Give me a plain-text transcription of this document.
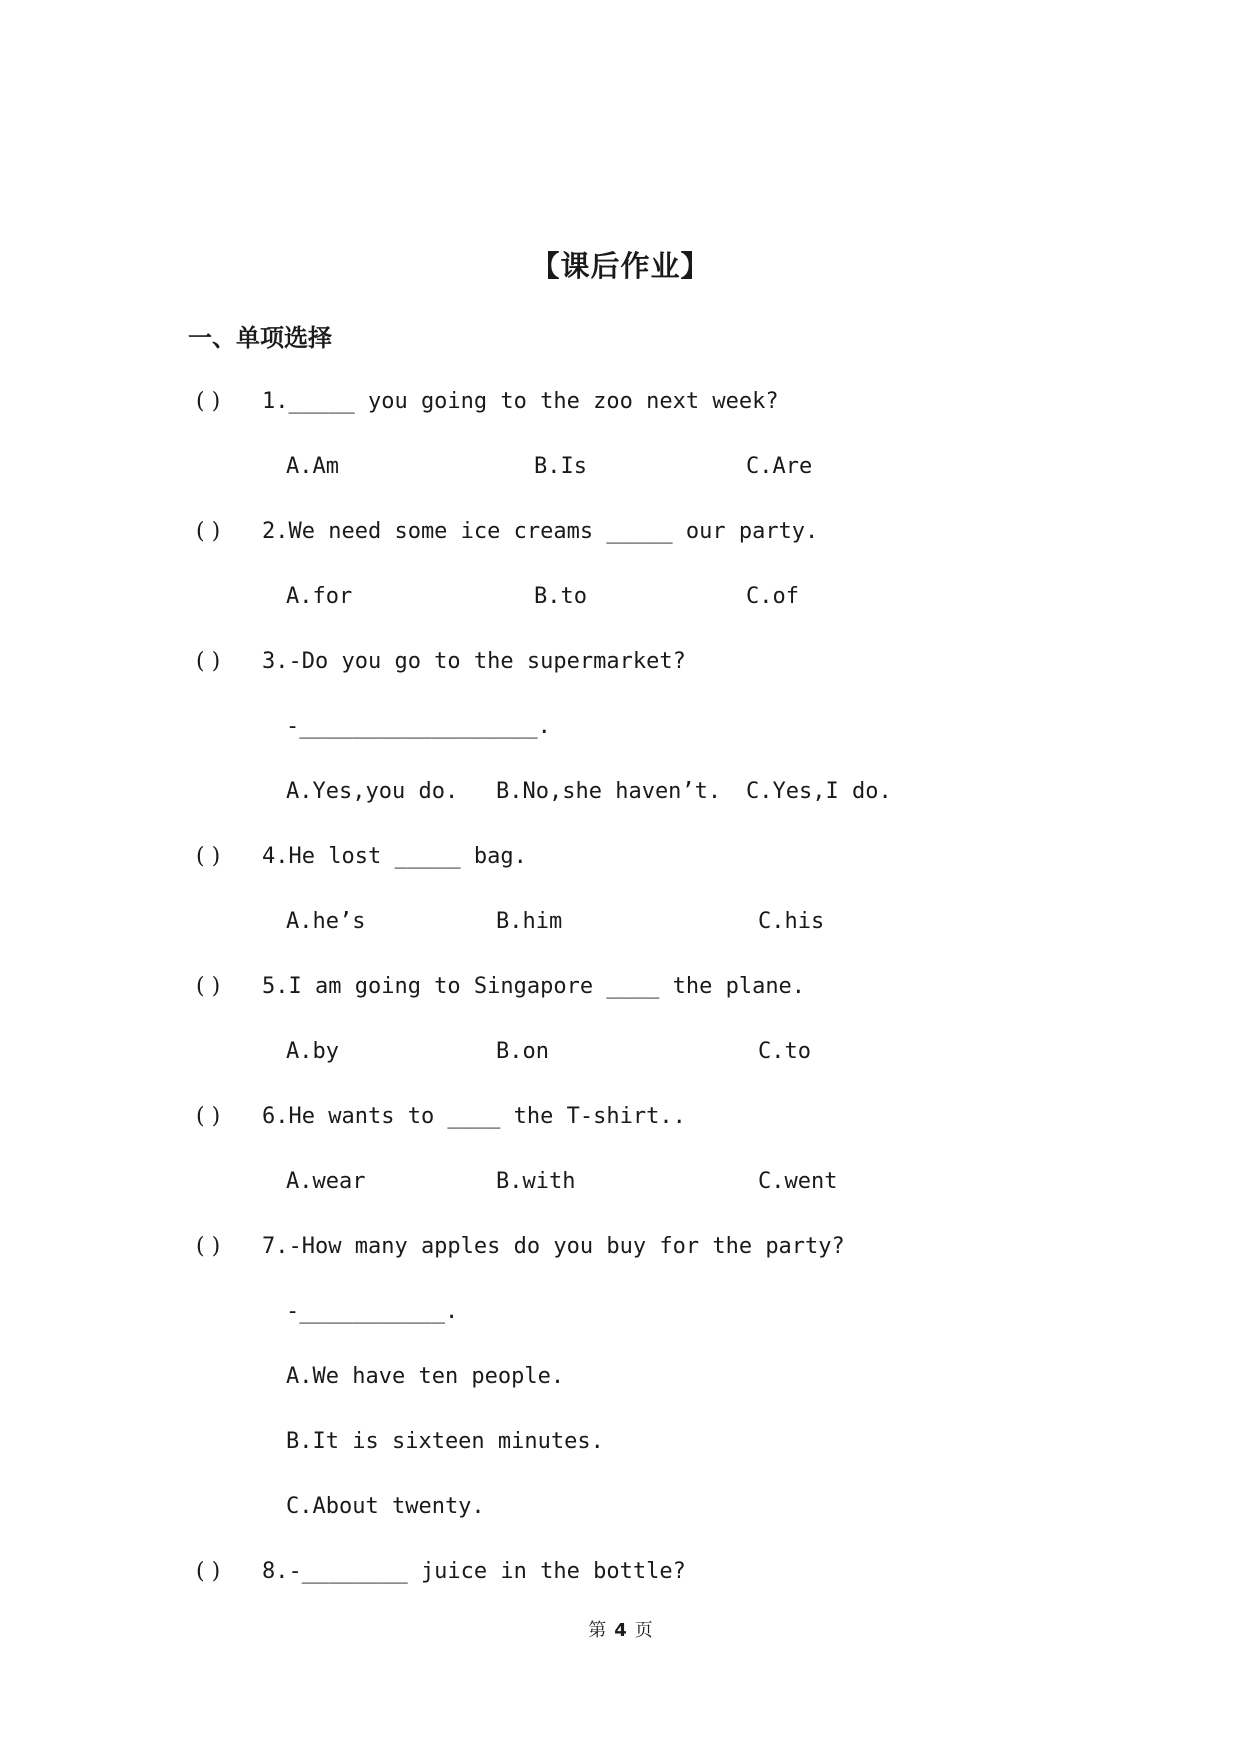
【课后作业】
一、单项选择
( ) 1._____ you going to the zoo next week?
A.Am	B.Is	C.Are
( ) 2.We need some ice creams _____ our party.
A.for	B.to	C.of
( ) 3.-Do you go to the supermarket?
-__________________.
A.Yes,you do. B.No,she haven’t. C.Yes,I do.
( ) 4.He lost _____ bag.
A.he’s	B.him	C.his
( ) 5.I am going to Singapore ____ the plane.
A.by	B.on	C.to
( ) 6.He wants to ____ the T-shirt..
A.wear	B.with	C.went
( ) 7.-How many apples do you buy for the party?
-___________.
A.We have ten people.
B.It is sixteen minutes.
C.About twenty.
( ) 8.-________ juice in the bottle?
第 4 页
